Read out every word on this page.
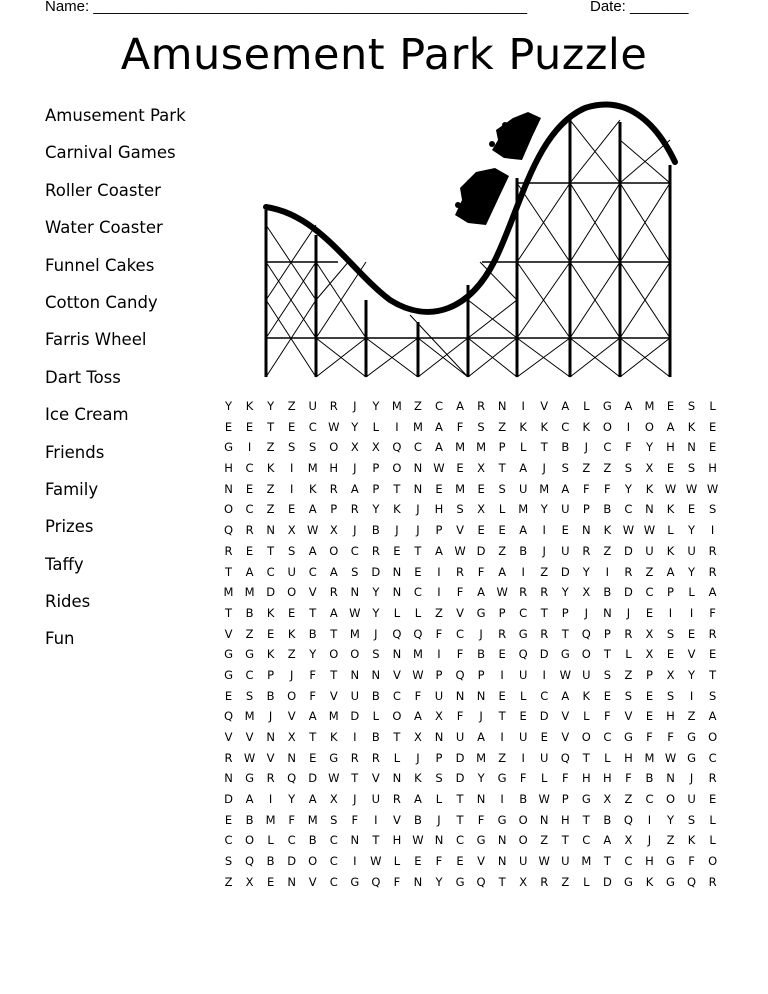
Name: ____________________________________________________	Date: _______
Amusement Park Puzzle
Amusement Park
Carnival Games
Roller Coaster
Water Coaster
Funnel Cakes
Cotton Candy
Farris Wheel
Dart Toss
Ice Cream
Friends
Family
Prizes
Taffy
Rides
Fun
Y	K	Y	Z	U	R	J	Y	M	Z	C	A	R	N	I	V	A	L	G	A	M	E	S	L
E	E	T	E	C W	Y	L	I	M	A	F	S	Z	K	K	C	K	O	I	O	A	K	E
G	I	Z	S	S	O	X	X	Q	C	A	M M	P	L	T	B	J	C	F	Y	H	N	E
H	C	K	I	M	H	J	P	O	N W	E	X	T	A	J	S	Z	Z	S	X	E	S	H
N	E	Z	I	K	R	A	P	T	N	E	M	E	S	U	M	A	F	F	Y	K	W W W
O	C	Z	E	A	P	R	Y	K	J	H	S	X	L	M	Y	U	P	B	C	N	K	E	S
Q	R	N	X W X	J	B	J	J	P	V	E	E	A	I	E	N	K	W W	L	Y	I
R	E	T	S	A	O	C	R	E	T	A W D	Z	B	J	U	R	Z	D	U	K	U	R
T	A	C	U	C	A	S	D	N	E	I	R	F	A	I	Z	D	Y	I	R	Z	A	Y	R
M M	D	O	V	R	N	Y	N	C	I	F	A W R	R	Y	X	B	D	C	P	L	A
T	B	K	E	T	A W	Y	L	L	Z	V	G	P	C	T	P	J	N	J	E	I	I	F
V	Z	E	K	B	T	M	J	Q	Q	F	C	J	R	G	R	T	Q	P	R	X	S	E	R
G	G	K	Z	Y	O	O	S	N	M	I	F	B	E	Q	D	G	O	T	L	X	E	V	E
G	C	P	J	F	T	N	N	V W	P	Q	P	I	U	I	W U	S	Z	P	X	Y	T
E	S	B	O	F	V	U	B	C	F	U	N	N	E	L	C	A	K	E	S	E	S	I	S
Q	M	J	V	A	M	D	L	O	A	X	F	J	T	E	D	V	L	F	V	E	H	Z	A
V	V	N	X	T	K	I	B	T	X	N	U	A	I	U	E	V	O	C	G	F	F	G	O
R W V	N	E	G	R	R	L	J	P	D	M	Z	I	U	Q	T	L	H	M W G	C
N	G	R	Q	D W	T	V	N	K	S	D	Y	G	F	L	F	H	H	F	B	N	J	R
D	A	I	Y	A	X	J	U	R	A	L	T	N	I	B W	P	G	X	Z	C	O	U	E
E	B	M	F	M	S	F	I	V	B	J	T	F	G	O	N	H	T	B	Q	I	Y	S	L
C	O	L	C	B	C	N	T	H W N	C	G	N	O	Z	T	C	A	X	J	Z	K	L
S	Q	B	D	O	C	I	W	L	E	F	E	V	N	U W U	M	T	C	H	G	F	O
Z	X	E	N	V	C	G	Q	F	N	Y	G	Q	T	X	R	Z	L	D	G	K	G	Q	R
